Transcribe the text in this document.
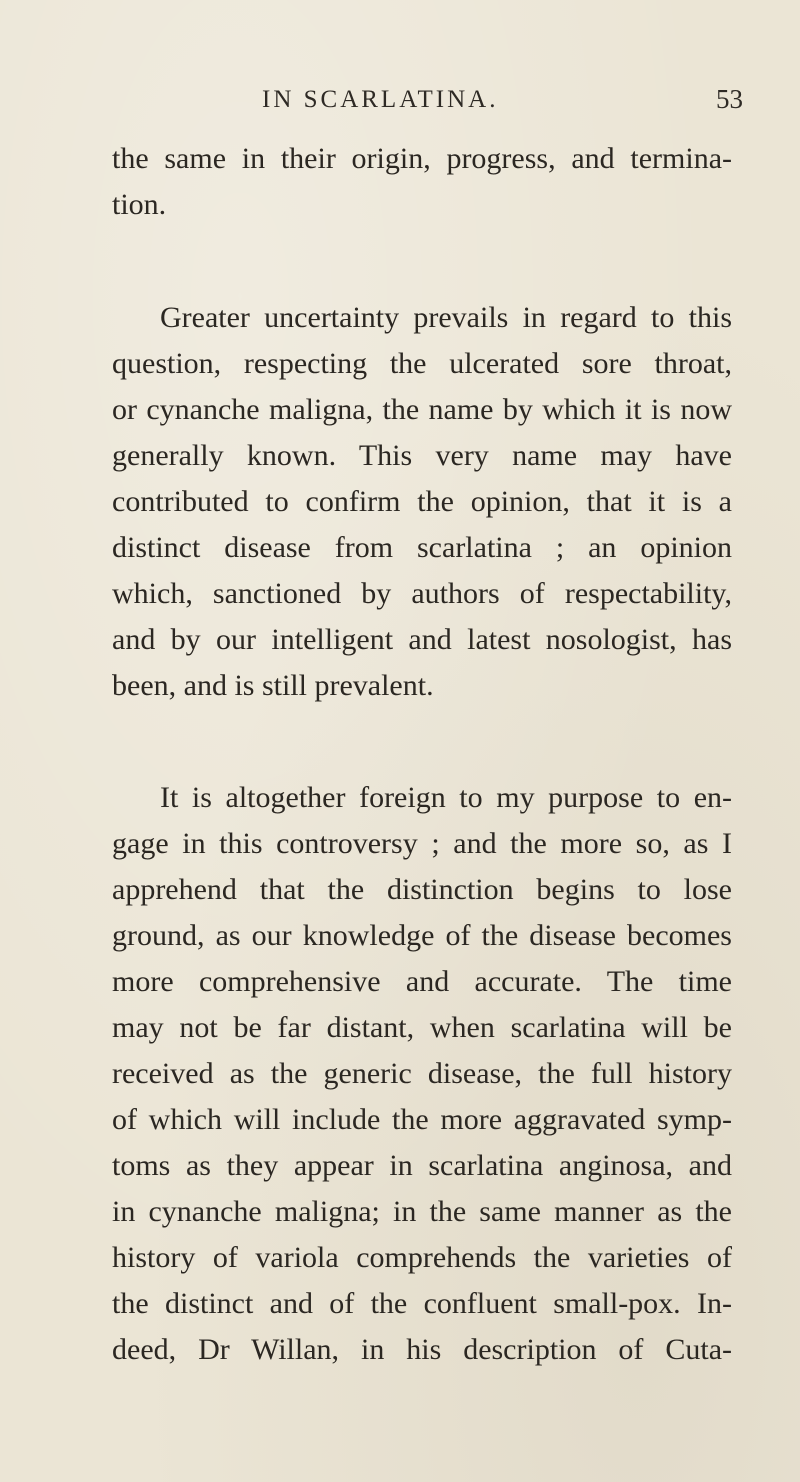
IN SCARLATINA.	53
the same in their origin, progress, and termina-
tion.
Greater uncertainty prevails in regard to this
question, respecting the ulcerated sore throat,
or cynanche maligna, the name by which it is now
generally known. This very name may have
contributed to confirm the opinion, that it is a
distinct disease from scarlatina ; an opinion
which, sanctioned by authors of respectability,
and by our intelligent and latest nosologist, has
been, and is still prevalent.
It is altogether foreign to my purpose to en-
gage in this controversy ; and the more so, as I
apprehend that the distinction begins to lose
ground, as our knowledge of the disease becomes
more comprehensive and accurate. The time
may not be far distant, when scarlatina will be
received as the generic disease, the full history
of which will include the more aggravated symp-
toms as they appear in scarlatina anginosa, and
in cynanche maligna; in the same manner as the
history of variola comprehends the varieties of
the distinct and of the confluent small-pox. In-
deed, Dr Willan, in his description of Cuta-
